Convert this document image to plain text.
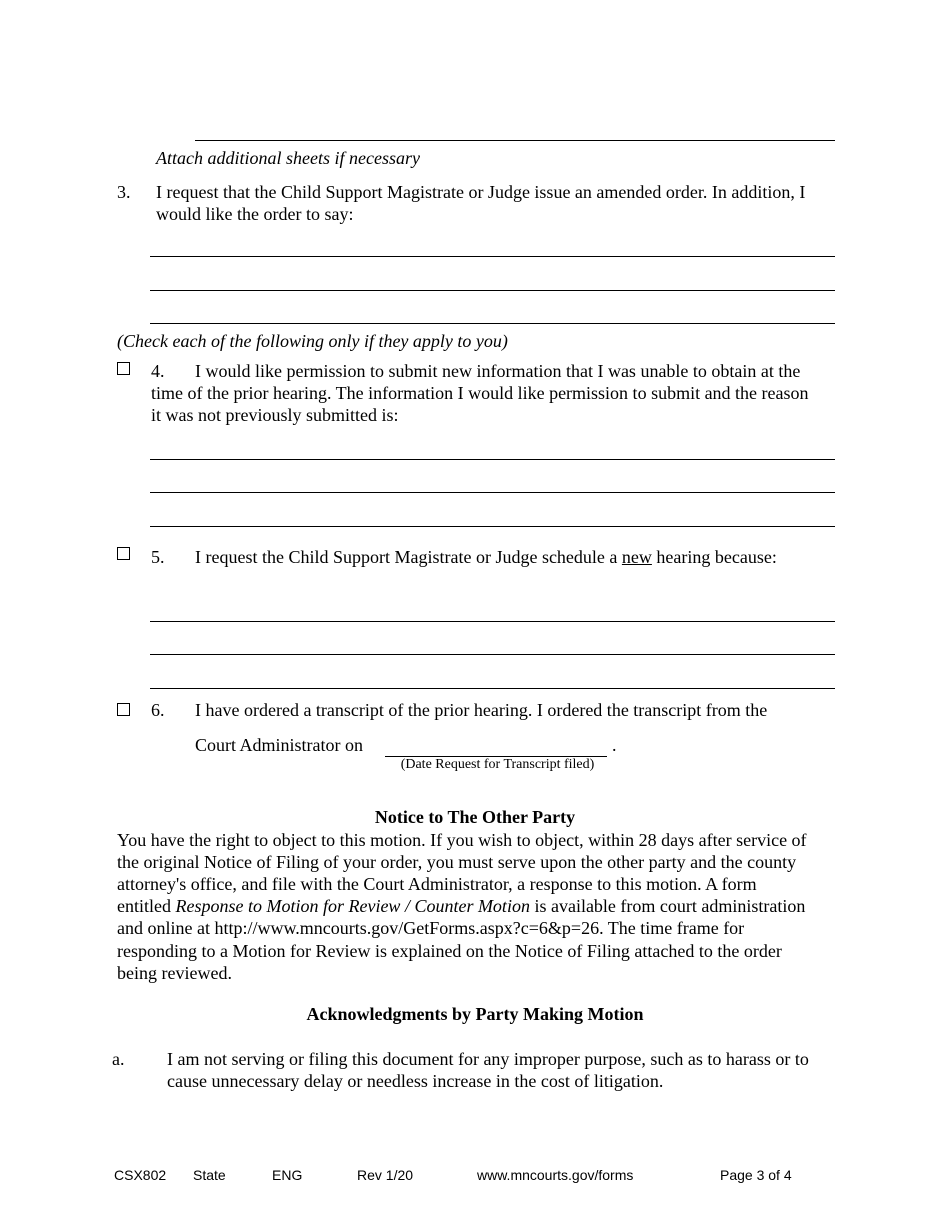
Attach additional sheets if necessary
3. I request that the Child Support Magistrate or Judge issue an amended order. In addition, I
would like the order to say:
(Check each of the following only if they apply to you)
4. I would like permission to submit new information that I was unable to obtain at the
time of the prior hearing. The information I would like permission to submit and the reason
it was not previously submitted is:
5. I request the Child Support Magistrate or Judge schedule a new hearing because:
6. I have ordered a transcript of the prior hearing. I ordered the transcript from the
Court Administrator on	.
(Date Request for Transcript filed)
Notice to The Other Party
You have the right to object to this motion. If you wish to object, within 28 days after service of
the original Notice of Filing of your order, you must serve upon the other party and the county
attorney's office, and file with the Court Administrator, a response to this motion. A form
entitled Response to Motion for Review / Counter Motion is available from court administration
and online at http://www.mncourts.gov/GetForms.aspx?c=6&p=26. The time frame for
responding to a Motion for Review is explained on the Notice of Filing attached to the order
being reviewed.
Acknowledgments by Party Making Motion
a. I am not serving or filing this document for any improper purpose, such as to harass or to
cause unnecessary delay or needless increase in the cost of litigation.
CSX802 State	ENG	Rev 1/20	www.mncourts.gov/forms	Page 3 of 4
